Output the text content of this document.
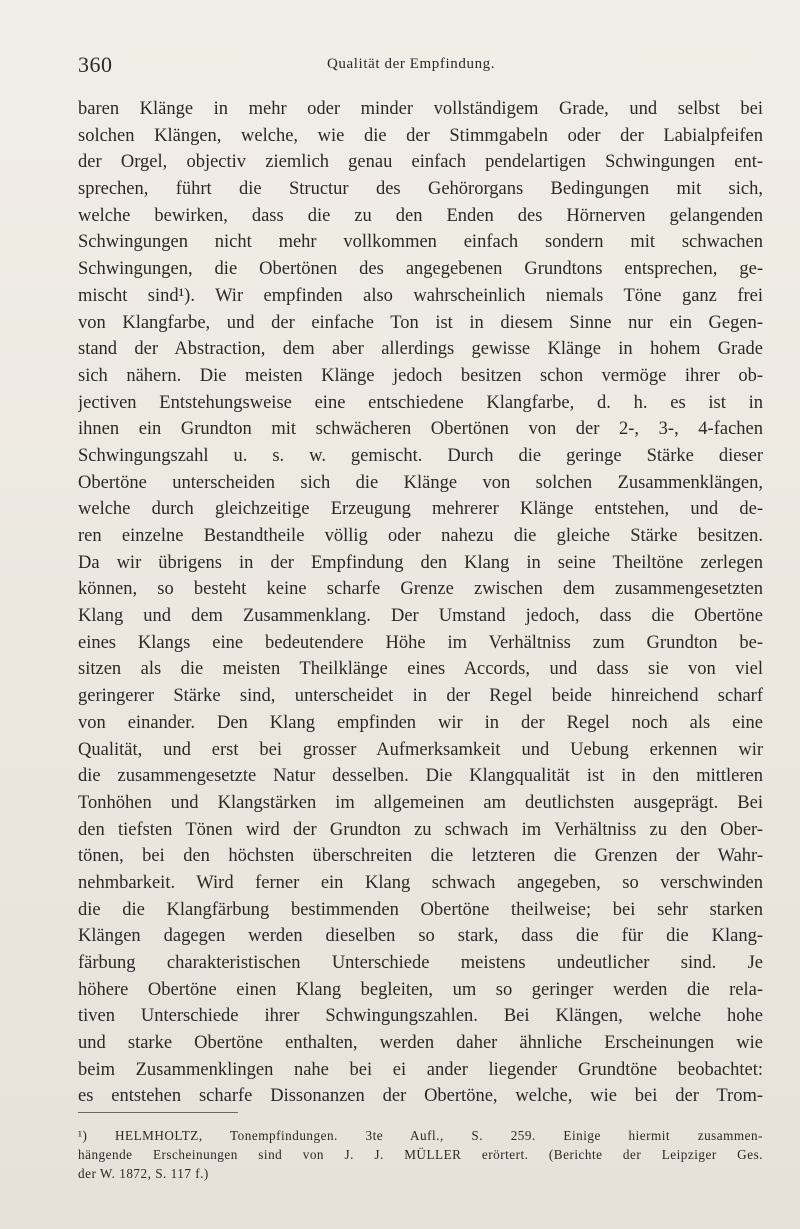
360	Qualität der Empfindung.
baren Klänge in mehr oder minder vollständigem Grade, und selbst bei
solchen Klängen, welche, wie die der Stimmgabeln oder der Labialpfeifen
der Orgel, objectiv ziemlich genau einfach pendelartigen Schwingungen ent-
sprechen, führt die Structur des Gehörorgans Bedingungen mit sich,
welche bewirken, dass die zu den Enden des Hörnerven gelangenden
Schwingungen nicht mehr vollkommen einfach sondern mit schwachen
Schwingungen, die Obertönen des angegebenen Grundtons entsprechen, ge-
mischt sind¹). Wir empfinden also wahrscheinlich niemals Töne ganz frei
von Klangfarbe, und der einfache Ton ist in diesem Sinne nur ein Gegen-
stand der Abstraction, dem aber allerdings gewisse Klänge in hohem Grade
sich nähern. Die meisten Klänge jedoch besitzen schon vermöge ihrer ob-
jectiven Entstehungsweise eine entschiedene Klangfarbe, d. h. es ist in
ihnen ein Grundton mit schwächeren Obertönen von der 2-, 3-, 4-fachen
Schwingungszahl u. s. w. gemischt. Durch die geringe Stärke dieser
Obertöne unterscheiden sich die Klänge von solchen Zusammenklängen,
welche durch gleichzeitige Erzeugung mehrerer Klänge entstehen, und de-
ren einzelne Bestandtheile völlig oder nahezu die gleiche Stärke besitzen.
Da wir übrigens in der Empfindung den Klang in seine Theiltöne zerlegen
können, so besteht keine scharfe Grenze zwischen dem zusammengesetzten
Klang und dem Zusammenklang. Der Umstand jedoch, dass die Obertöne
eines Klangs eine bedeutendere Höhe im Verhältniss zum Grundton be-
sitzen als die meisten Theilklänge eines Accords, und dass sie von viel
geringerer Stärke sind, unterscheidet in der Regel beide hinreichend scharf
von einander. Den Klang empfinden wir in der Regel noch als eine
Qualität, und erst bei grosser Aufmerksamkeit und Uebung erkennen wir
die zusammengesetzte Natur desselben. Die Klangqualität ist in den mittleren
Tonhöhen und Klangstärken im allgemeinen am deutlichsten ausgeprägt. Bei
den tiefsten Tönen wird der Grundton zu schwach im Verhältniss zu den Ober-
tönen, bei den höchsten überschreiten die letzteren die Grenzen der Wahr-
nehmbarkeit. Wird ferner ein Klang schwach angegeben, so verschwinden
die die Klangfärbung bestimmenden Obertöne theilweise; bei sehr starken
Klängen dagegen werden dieselben so stark, dass die für die Klang-
färbung charakteristischen Unterschiede meistens undeutlicher sind. Je
höhere Obertöne einen Klang begleiten, um so geringer werden die rela-
tiven Unterschiede ihrer Schwingungszahlen. Bei Klängen, welche hohe
und starke Obertöne enthalten, werden daher ähnliche Erscheinungen wie
beim Zusammenklingen nahe bei ei ander liegender Grundtöne beobachtet:
es entstehen scharfe Dissonanzen der Obertöne, welche, wie bei der Trom-
¹) HELMHOLTZ, Tonempfindungen. 3te Aufl., S. 259. Einige hiermit zusammen-
hängende Erscheinungen sind von J. J. MÜLLER erörtert. (Berichte der Leipziger Ges.
der W. 1872, S. 117 f.)
